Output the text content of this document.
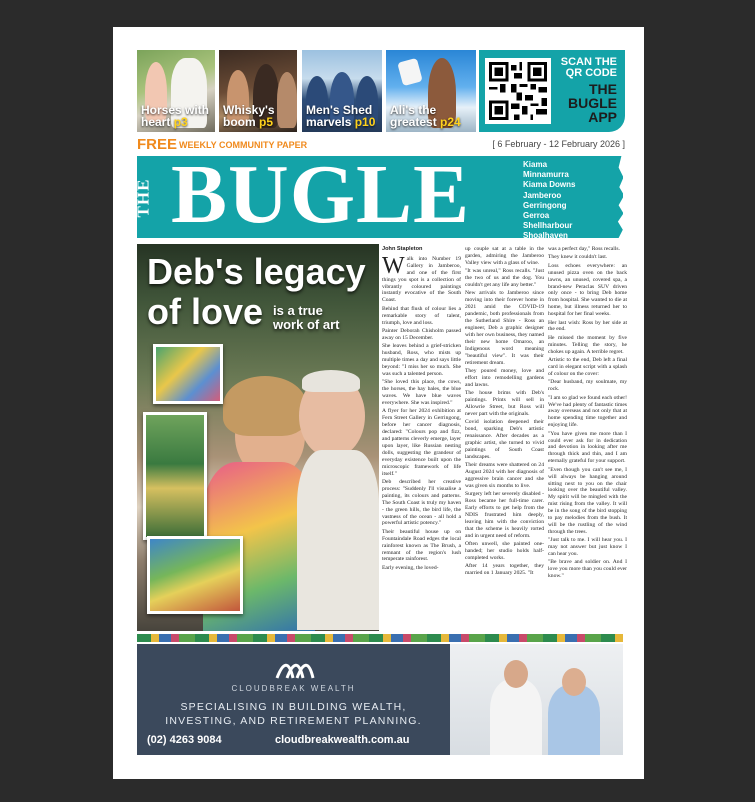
Horses with heart p3
Whisky's boom p5
Men's Shed marvels p10
Ali's the greatest p24
SCAN THE
QR CODE
THE
BUGLE
APP
FREE WEEKLY COMMUNITY PAPER	[ 6 February - 12 February 2026 ]
THE BUGLE	Kiama
Minnamurra
Kiama Downs
Jamberoo
Gerringong
Gerroa
Shellharbour
Shoalhaven
Deb's legacy
of love is a true
work of art
John Stapleton

Walk into Number 19 Gallery in Jamberoo, and one of the first things you spot is a collection of vibrantly coloured paintings instantly evocative of the South Coast.

Behind that flush of colour lies a remarkable story of talent, triumph, love and loss.

Painter Deborah Chisholm passed away on 15 December.

She leaves behind a grief-stricken husband, Ross, who mists up multiple times a day and says little beyond: "I miss her so much. She was such a talented person.

"She loved this place, the cows, the horses, the hay bales, the blue waves. We have blue waves everywhere. She was inspired."

A flyer for her 2024 exhibition at Fern Street Gallery in Gerringong, before her cancer diagnosis, declared: "Colours pop and fizz, and patterns cleverly emerge, layer upon layer, like Russian nesting dolls, suggesting the grandeur of everyday existence built upon the microscopic framework of life itself."

Deb described her creative process: "Suddenly I'll visualise a painting, its colours and patterns. The South Coast is truly my haven - the green hills, the bird life, the vastness of the ocean - all hold a powerful artistic potency."

Their beautiful house up on Fountaindale Road edges the local rainforest known as The Brush, a remnant of the region's lush temperate rainforest.

Early evening, the loved-

up couple sat at a table in the garden, admiring the Jamberoo Valley view with a glass of wine.

"It was unreal," Ross recalls. "Just the two of us and the dog. You couldn't get any life any better."

New arrivals to Jamberoo since moving into their forever home in 2021 amid the COVID-19 pandemic, both professionals from the Sutherland Shire - Ross an engineer, Deb a graphic designer with her own business, they named their new home Omaroo, an Indigenous word meaning "beautiful view". It was their retirement dream.

They poured money, love and effort into remodelling gardens and lawns.

The house brims with Deb's paintings. Prints will sell in Allowrie Street, but Ross will never part with the originals.

Covid isolation deepened their bond, sparking Deb's artistic renaissance. After decades as a graphic artist, she turned to vivid paintings of South Coast landscapes.

Their dreams were shattered on 24 August 2024 with her diagnosis of aggressive brain cancer and she was given six months to live.

Surgery left her severely disabled - Ross became her full-time carer. Early efforts to get help from the NDIS frustrated him deeply, leaving him with the conviction that the scheme is heavily rorted and in urgent need of reform.

Often unwell, she painted one-handed; her studio holds half-completed works.

After 14 years together, they married on 1 January 2025. "It

was a perfect day," Ross recalls.

They knew it couldn't last.

Loss echoes everywhere: an unused pizza oven on the back lawns, an unused, covered spa, a brand-new Peraclas SUV driven only once - to bring Deb home from hospital. She wanted to die at home, but illness returned her to hospital for her final weeks.

Her last wish: Ross by her side at the end.

He missed the moment by five minutes. Telling the story, he chokes up again. A terrible regret.

Artistic to the end, Deb left a final card in elegant script with a splash of colour on the cover:

"Dear husband, my soulmate, my rock.

"I am so glad we found each other! We've had plenty of fantastic times away overseas and not only that at home spending time together and enjoying life.

"You have given me more than I could ever ask for in dedication and devotion in looking after me through thick and thin, and I am eternally grateful for your support.

"Even though you can't see me, I will always be hanging around sitting next to you on the chair looking over the beautiful valley. My spirit will be mingled with the mist rising from the valley. It will be in the song of the bird stopping to pay melodies from the bush. It will be the rustling of the wind through the trees.

"Just talk to me. I will hear you. I may not answer but just know I can hear you.

"Be brave and soldier on. And I love you more than you could ever know."

CLOUDBREAK WEALTH
SPECIALISING IN BUILDING WEALTH,
INVESTING, AND RETIREMENT PLANNING.
(02) 4263 9084	cloudbreakwealth.com.au
